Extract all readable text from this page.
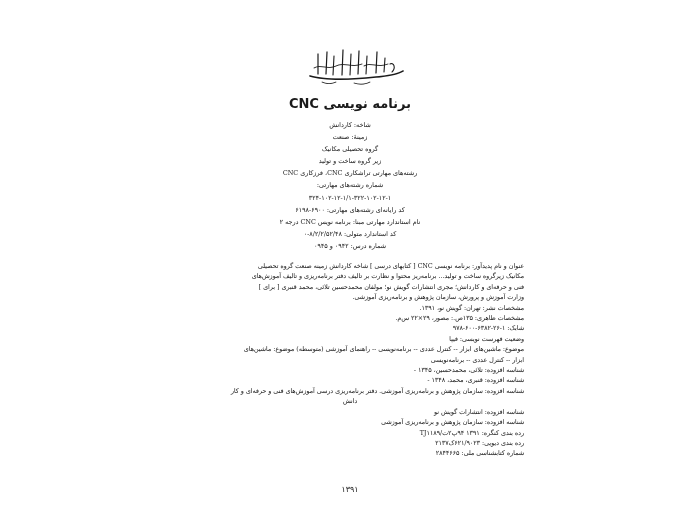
برنامه نویسی CNC
شاخه: کاردانش
زمینهٔ: صنعت
گروه تحصیلی مکانیک
زیر گروه ساخت و تولید
رشته‌های مهارتی تراشکاری CNC، فرزکاری CNC
شماره رشته‌های مهارتی:
۳۲۴-۱۰۲-۱۲-۱/۱-۳۲۲-۱۰۲-۱۲-۱
کد رایانه‌ای رشته‌های مهارتی: ۶۹۰۰-۶۱۹۸
نام استاندارد مهارتی مبنا: برنامه نویس CNC درجه ۲
کد استاندارد متولی: ۸/۲/۲/۵۲/۴۸-۰
شماره درس: ۰۹۴۲ و ۰۹۴۵
عنوان و نام پدیدآور: برنامه نویسی CNC [ کتابهای درسی ] شاخه کاردانش زمینه صنعت گروه تحصیلی
مکانیک زیرگروه ساخت و تولید... برنامه‌ریز محتوا و نظارت بر تالیف دفتر برنامه‌ریزی و تالیف آموزش‌های
فنی و حرفه‌ای و کاردانش؛ مجری انتشارات گویش نو؛ مولفان محمدحسین تلائی، محمد قنبری [ برای ]
وزارت آموزش و پرورش، سازمان پژوهش و برنامه‌ریزی آموزشی.
مشخصات نشر: تهران: گویش نو، ۱۳۹۱.
مشخصات ظاهری: ۱۳۵ص.: مصور، ۲۹×۲۲ س‌م.
شابک: ۱-۲۶-۶۳۸۲-۶۰۰-۹۷۸
وضعیت فهرست نویسی: فیپا
موضوع: ماشین‌های ابزار -- کنترل عددی -- برنامه‌نویسی -- راهنمای آموزشی (متوسطه) موضوع: ماشین‌های
ابزار -- کنترل عددی -- برنامه‌نویسی
شناسه افزوده: تلائی، محمدحسین، ۱۳۴۵ -
شناسه افزوده: قنبری، محمد، ۱۳۴۸ -
شناسه افزوده: سازمان پژوهش و برنامه‌ریزی آموزشی. دفتر برنامه‌ریزی درسی آموزش‌های فنی و حرفه‌ای و کار
دانش
شناسه افزوده: انتشارات گویش نو
شناسه افزوده: سازمان پژوهش و برنامه‌ریزی آموزشی
رده بندی کنگره: ۱۳۹۱ ۹۴پ۲ت/TJ۱۱۸۹
رده بندی دیویی: ۶۲۱/۹۰۲۳ک۲۱۳۷
شماره کتابشناسی ملی: ۲۸۴۴۶۶۵
۱۳۹۱
